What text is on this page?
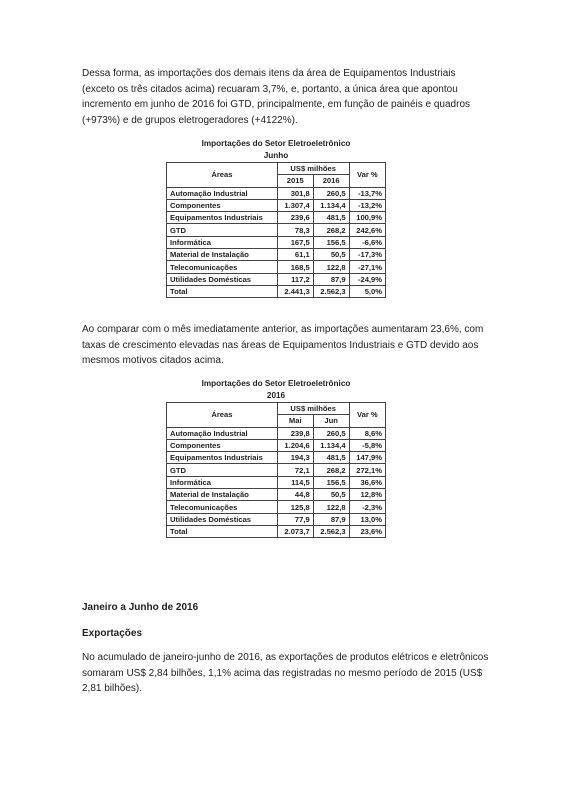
Dessa forma, as importações dos demais itens da área de Equipamentos Industriais (exceto os três citados acima) recuaram 3,7%, e, portanto, a única área que apontou incremento em junho de 2016 foi GTD, principalmente, em função de painéis e quadros (+973%) e de grupos eletrogeradores (+4122%).

Importações do Setor Eletroeletrônico
Junho
Áreas	US$ milhões		Var %
	2015	2016	
Automação Industrial	301,8	260,5	-13,7%
Componentes	1.307,4	1.134,4	-13,2%
Equipamentos Industriais	239,6	481,5	100,9%
GTD	78,3	268,2	242,6%
Informática	167,5	156,5	-6,6%
Material de Instalação	61,1	50,5	-17,3%
Telecomunicações	168,5	122,8	-27,1%
Utilidades Domésticas	117,2	87,9	-24,9%
Total	2.441,3	2.562,3	5,0%

Ao comparar com o mês imediatamente anterior, as importações aumentaram 23,6%, com taxas de crescimento elevadas nas áreas de Equipamentos Industriais e GTD devido aos mesmos motivos citados acima.

Importações do Setor Eletroeletrônico
2016
Áreas	US$ milhões		Var %
	Mai	Jun	
Automação Industrial	239,8	260,5	8,6%
Componentes	1.204,6	1.134,4	-5,8%
Equipamentos Industriais	194,3	481,5	147,9%
GTD	72,1	268,2	272,1%
Informática	114,5	156,5	36,6%
Material de Instalação	44,8	50,5	12,8%
Telecomunicações	125,8	122,8	-2,3%
Utilidades Domésticas	77,9	87,9	13,0%
Total	2.073,7	2.562,3	23,6%

Janeiro a Junho de 2016

Exportações

No acumulado de janeiro-junho de 2016, as exportações de produtos elétricos e eletrônicos somaram US$ 2,84 bilhões, 1,1% acima das registradas no mesmo período de 2015 (US$ 2,81 bilhões).
